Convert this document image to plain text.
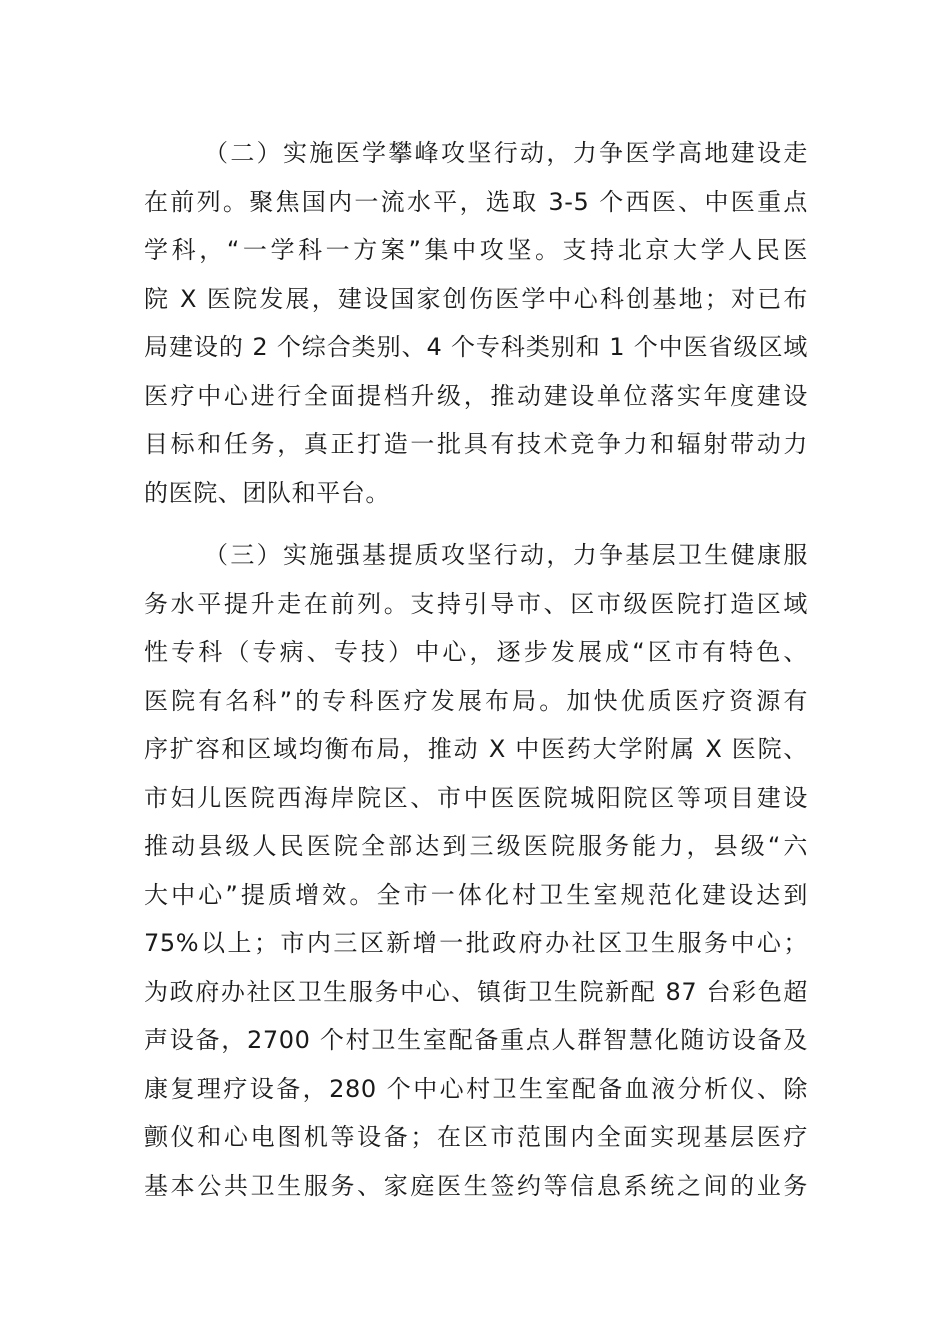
（二）实施医学攀峰攻坚行动，力争医学高地建设走
在前列。聚焦国内一流水平，选取 3-5 个西医、中医重点
学科，“一学科一方案”集中攻坚。支持北京大学人民医
院 X 医院发展，建设国家创伤医学中心科创基地；对已布
局建设的 2 个综合类别、4 个专科类别和 1 个中医省级区域
医疗中心进行全面提档升级，推动建设单位落实年度建设
目标和任务，真正打造一批具有技术竞争力和辐射带动力
的医院、团队和平台。
（三）实施强基提质攻坚行动，力争基层卫生健康服
务水平提升走在前列。支持引导市、区市级医院打造区域
性专科（专病、专技）中心，逐步发展成“区市有特色、
医院有名科”的专科医疗发展布局。加快优质医疗资源有
序扩容和区域均衡布局，推动 X 中医药大学附属 X 医院、
市妇儿医院西海岸院区、市中医医院城阳院区等项目建设
推动县级人民医院全部达到三级医院服务能力，县级“六
大中心”提质增效。全市一体化村卫生室规范化建设达到
75%以上；市内三区新增一批政府办社区卫生服务中心；
为政府办社区卫生服务中心、镇街卫生院新配 87 台彩色超
声设备，2700 个村卫生室配备重点人群智慧化随访设备及
康复理疗设备，280 个中心村卫生室配备血液分析仪、除
颤仪和心电图机等设备；在区市范围内全面实现基层医疗
基本公共卫生服务、家庭医生签约等信息系统之间的业务
